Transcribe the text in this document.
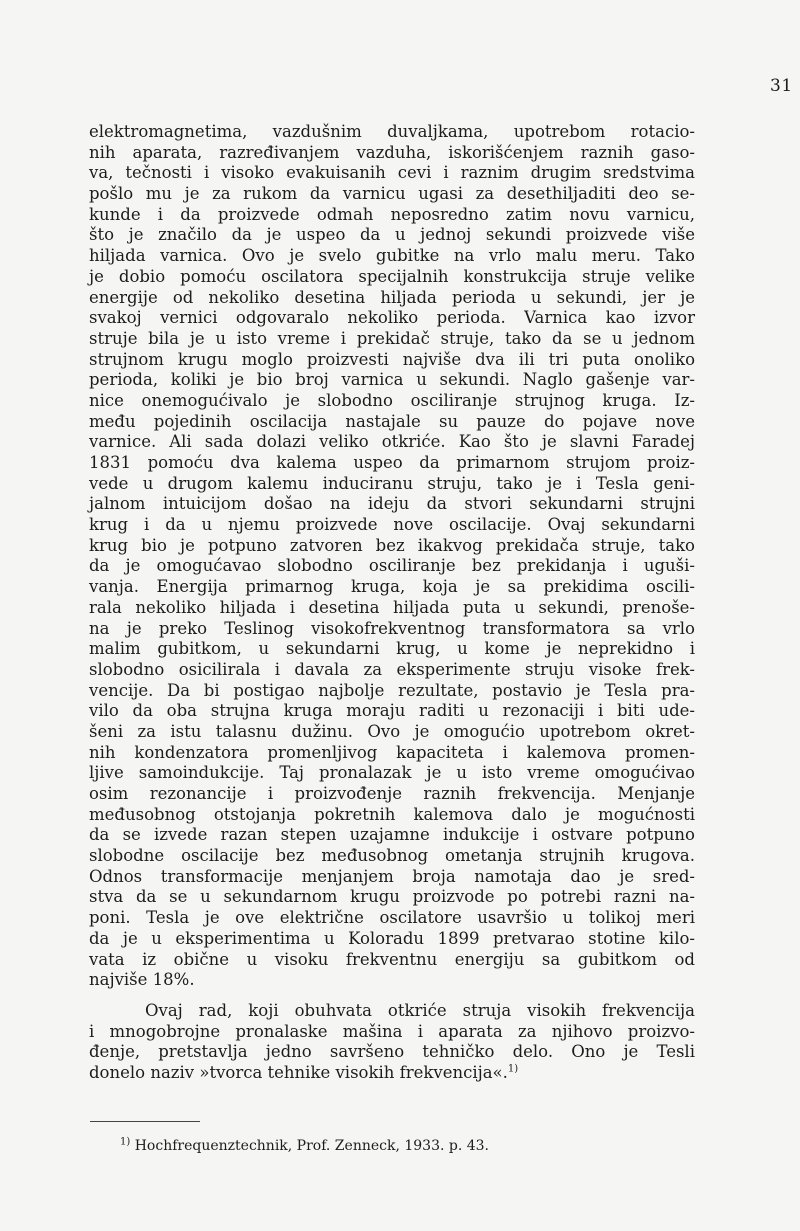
31
elektromagnetima, vazdušnim duvaljkama, upotrebom rotacio-
nih aparata, razređivanjem vazduha, iskorišćenjem raznih gaso-
va, tečnosti i visoko evakuisanih cevi i raznim drugim sredstvima
pošlo mu je za rukom da varnicu ugasi za desethiljaditi deo se-
kunde i da proizvede odmah neposredno zatim novu varnicu,
što je značilo da je uspeo da u jednoj sekundi proizvede više
hiljada varnica. Ovo je svelo gubitke na vrlo malu meru. Tako
je dobio pomoću oscilatora specijalnih konstrukcija struje velike
energije od nekoliko desetina hiljada perioda u sekundi, jer je
svakoj vernici odgovaralo nekoliko perioda. Varnica kao izvor
struje bila je u isto vreme i prekidač struje, tako da se u jednom
strujnom krugu moglo proizvesti najviše dva ili tri puta onoliko
perioda, koliki je bio broj varnica u sekundi. Naglo gašenje var-
nice onemogućivalo je slobodno osciliranje strujnog kruga. Iz-
među pojedinih oscilacija nastajale su pauze do pojave nove
varnice. Ali sada dolazi veliko otkriće. Kao što je slavni Faradej
1831 pomoću dva kalema uspeo da primarnom strujom proiz-
vede u drugom kalemu induciranu struju, tako je i Tesla geni-
jalnom intuicijom došao na ideju da stvori sekundarni strujni
krug i da u njemu proizvede nove oscilacije. Ovaj sekundarni
krug bio je potpuno zatvoren bez ikakvog prekidača struje, tako
da je omogućavao slobodno osciliranje bez prekidanja i uguši-
vanja. Energija primarnog kruga, koja je sa prekidima oscili-
rala nekoliko hiljada i desetina hiljada puta u sekundi, prenoše-
na je preko Teslinog visokofrekventnog transformatora sa vrlo
malim gubitkom, u sekundarni krug, u kome je neprekidno i
slobodno osicilirala i davala za eksperimente struju visoke frek-
vencije. Da bi postigao najbolje rezultate, postavio je Tesla pra-
vilo da oba strujna kruga moraju raditi u rezonaciji i biti ude-
šeni za istu talasnu dužinu. Ovo je omogućio upotrebom okret-
nih kondenzatora promenljivog kapaciteta i kalemova promen-
ljive samoindukcije. Taj pronalazak je u isto vreme omogućivao
osim rezonancije i proizvođenje raznih frekvencija. Menjanje
međusobnog otstojanja pokretnih kalemova dalo je mogućnosti
da se izvede razan stepen uzajamne indukcije i ostvare potpuno
slobodne oscilacije bez međusobnog ometanja strujnih krugova.
Odnos transformacije menjanjem broja namotaja dao je sred-
stva da se u sekundarnom krugu proizvode po potrebi razni na-
poni. Tesla je ove električne oscilatore usavršio u tolikoj meri
da je u eksperimentima u Koloradu 1899 pretvarao stotine kilo-
vata iz obične u visoku frekventnu energiju sa gubitkom od
najviše 18%.
Ovaj rad, koji obuhvata otkriće struja visokih frekvencija
i mnogobrojne pronalaske mašina i aparata za njihovo proizvo-
đenje, pretstavlja jedno savršeno tehničko delo. Ono je Tesli
donelo naziv »tvorca tehnike visokih frekvencija«.$^{1)}$
$^{1)}$ Hochfrequenztechnik, Prof. Zenneck, 1933. p. 43.
